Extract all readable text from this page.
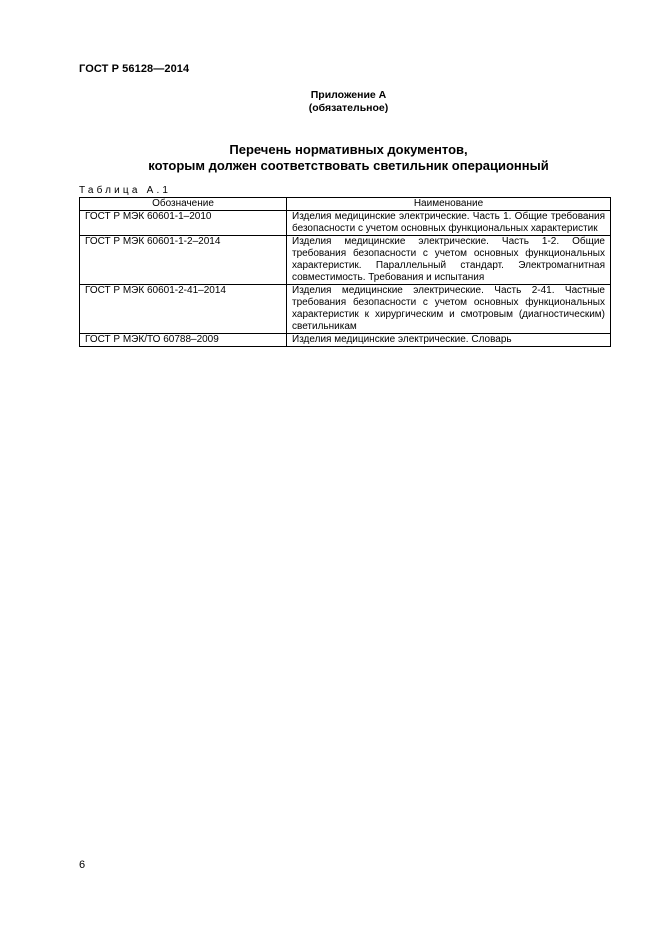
ГОСТ Р 56128—2014
Приложение А
(обязательное)
Перечень нормативных документов,
которым должен соответствовать светильник операционный
Таблица А.1
Обозначение	Наименование
ГОСТ Р МЭК 60601-1–2010	Изделия медицинские электрические. Часть 1. Общие требования безопасности с учетом основных функциональных характеристик
ГОСТ Р МЭК 60601-1-2–2014	Изделия медицинские электрические. Часть 1-2. Общие требования безопасности с учетом основных функциональных характеристик. Параллельный стандарт. Электромагнитная совместимость. Требования и испытания
ГОСТ Р МЭК 60601-2-41–2014	Изделия медицинские электрические. Часть 2-41. Частные требования безопасности с учетом основных функциональных характеристик к хирургическим и смотровым (диагностическим) светильникам
ГОСТ Р МЭК/ТО 60788–2009	Изделия медицинские электрические. Словарь
6
